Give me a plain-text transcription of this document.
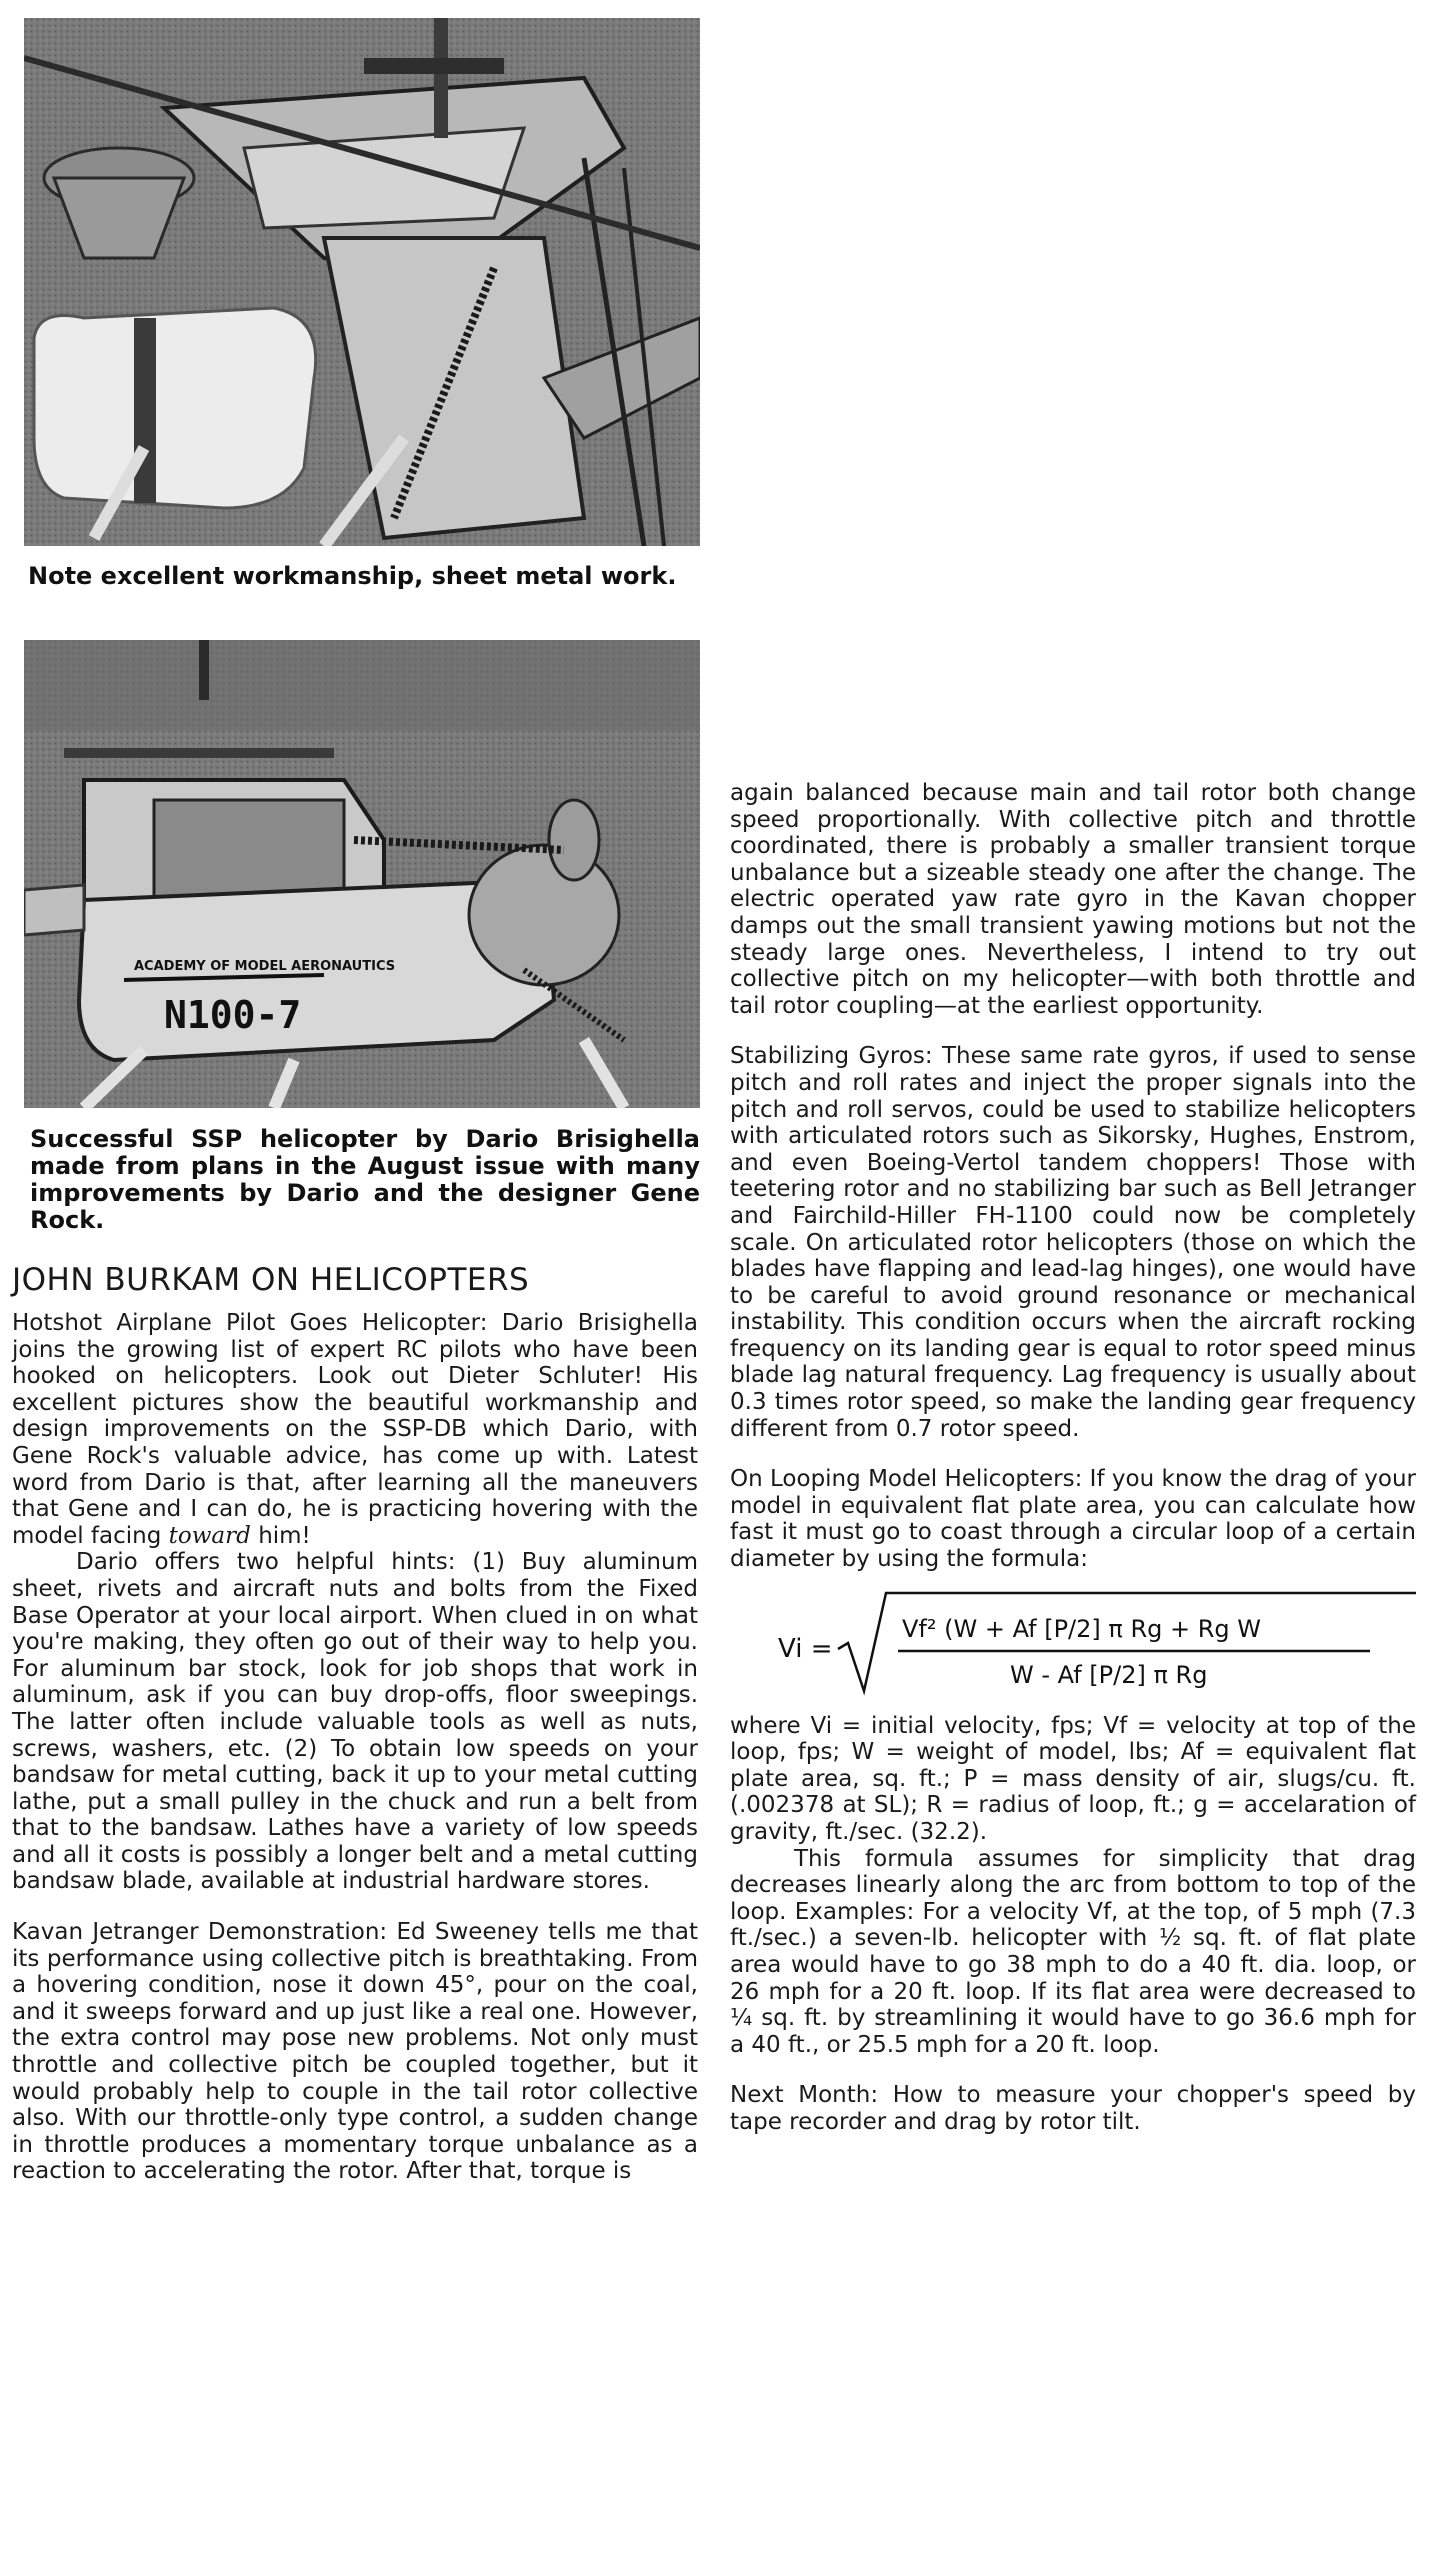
Note excellent workmanship, sheet metal work.

ACADEMY OF MODEL AERONAUTICS
N100-7

Successful SSP helicopter by Dario Brisighella made from plans in the August issue with many improvements by Dario and the designer Gene Rock.

JOHN BURKAM ON HELICOPTERS

Hotshot Airplane Pilot Goes Helicopter: Dario Brisighella joins the growing list of expert RC pilots who have been hooked on helicopters. Look out Dieter Schluter! His excellent pictures show the beautiful workmanship and design improvements on the SSP-DB which Dario, with Gene Rock's valuable advice, has come up with. Latest word from Dario is that, after learning all the maneuvers that Gene and I can do, he is practicing hovering with the model facing toward him!

Dario offers two helpful hints: (1) Buy aluminum sheet, rivets and aircraft nuts and bolts from the Fixed Base Operator at your local airport. When clued in on what you're making, they often go out of their way to help you. For aluminum bar stock, look for job shops that work in aluminum, ask if you can buy drop-offs, floor sweepings. The latter often include valuable tools as well as nuts, screws, washers, etc. (2) To obtain low speeds on your bandsaw for metal cutting, back it up to your metal cutting lathe, put a small pulley in the chuck and run a belt from that to the bandsaw. Lathes have a variety of low speeds and all it costs is possibly a longer belt and a metal cutting bandsaw blade, available at industrial hardware stores.

Kavan Jetranger Demonstration: Ed Sweeney tells me that its performance using collective pitch is breathtaking. From a hovering condition, nose it down 45°, pour on the coal, and it sweeps forward and up just like a real one. However, the extra control may pose new problems. Not only must throttle and collective pitch be coupled together, but it would probably help to couple in the tail rotor collective also. With our throttle-only type control, a sudden change in throttle produces a momentary torque unbalance as a reaction to accelerating the rotor. After that, torque is

again balanced because main and tail rotor both change speed proportionally. With collective pitch and throttle coordinated, there is probably a smaller transient torque unbalance but a sizeable steady one after the change. The electric operated yaw rate gyro in the Kavan chopper damps out the small transient yawing motions but not the steady large ones. Nevertheless, I intend to try out collective pitch on my helicopter—with both throttle and tail rotor coupling—at the earliest opportunity.

Stabilizing Gyros: These same rate gyros, if used to sense pitch and roll rates and inject the proper signals into the pitch and roll servos, could be used to stabilize helicopters with articulated rotors such as Sikorsky, Hughes, Enstrom, and even Boeing-Vertol tandem choppers! Those with teetering rotor and no stabilizing bar such as Bell Jetranger and Fairchild-Hiller FH-1100 could now be completely scale. On articulated rotor helicopters (those on which the blades have flapping and lead-lag hinges), one would have to be careful to avoid ground resonance or mechanical instability. This condition occurs when the aircraft rocking frequency on its landing gear is equal to rotor speed minus blade lag natural frequency. Lag frequency is usually about 0.3 times rotor speed, so make the landing gear frequency different from 0.7 rotor speed.

On Looping Model Helicopters: If you know the drag of your model in equivalent flat plate area, you can calculate how fast it must go to coast through a circular loop of a certain diameter by using the formula:

Vi =
Vf² (W + Af [P/2] π Rg + Rg W
W - Af [P/2] π Rg

where Vi = initial velocity, fps; Vf = velocity at top of the loop, fps; W = weight of model, lbs; Af = equivalent flat plate area, sq. ft.; P = mass density of air, slugs/cu. ft. (.002378 at SL); R = radius of loop, ft.; g = accelaration of gravity, ft./sec. (32.2).

This formula assumes for simplicity that drag decreases linearly along the arc from bottom to top of the loop. Examples: For a velocity Vf, at the top, of 5 mph (7.3 ft./sec.) a seven-lb. helicopter with ½ sq. ft. of flat plate area would have to go 38 mph to do a 40 ft. dia. loop, or 26 mph for a 20 ft. loop. If its flat area were decreased to ¼ sq. ft. by streamlining it would have to go 36.6 mph for a 40 ft., or 25.5 mph for a 20 ft. loop.

Next Month: How to measure your chopper's speed by tape recorder and drag by rotor tilt.
